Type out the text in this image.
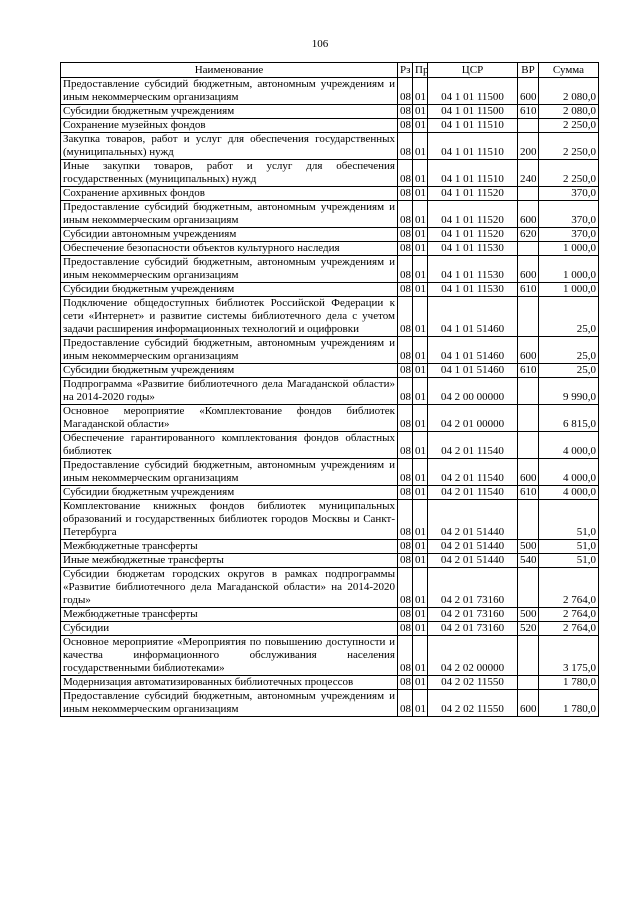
106
Наименование	Рз	Пр	ЦСР	ВР	Сумма
Предоставление субсидий бюджетным, автономным учреждениям и иным некоммерческим организациям	08	01	04 1 01 11500	600	2 080,0
Субсидии бюджетным учреждениям	08	01	04 1 01 11500	610	2 080,0
Сохранение музейных фондов	08	01	04 1 01 11510		2 250,0
Закупка товаров, работ и услуг для обеспечения государственных (муниципальных) нужд	08	01	04 1 01 11510	200	2 250,0
Иные закупки товаров, работ и услуг для обеспечения государственных (муниципальных) нужд	08	01	04 1 01 11510	240	2 250,0
Сохранение архивных фондов	08	01	04 1 01 11520		370,0
Предоставление субсидий бюджетным, автономным учреждениям и иным некоммерческим организациям	08	01	04 1 01 11520	600	370,0
Субсидии автономным учреждениям	08	01	04 1 01 11520	620	370,0
Обеспечение безопасности объектов культурного наследия	08	01	04 1 01 11530		1 000,0
Предоставление субсидий бюджетным, автономным учреждениям и иным некоммерческим организациям	08	01	04 1 01 11530	600	1 000,0
Субсидии бюджетным учреждениям	08	01	04 1 01 11530	610	1 000,0
Подключение общедоступных библиотек Российской Федерации к сети «Интернет» и развитие системы библиотечного дела с учетом задачи расширения информационных технологий и оцифровки	08	01	04 1 01 51460		25,0
Предоставление субсидий бюджетным, автономным учреждениям и иным некоммерческим организациям	08	01	04 1 01 51460	600	25,0
Субсидии бюджетным учреждениям	08	01	04 1 01 51460	610	25,0
Подпрограмма «Развитие библиотечного дела Магаданской области» на 2014-2020 годы»	08	01	04 2 00 00000		9 990,0
Основное мероприятие «Комплектование фондов библиотек Магаданской области»	08	01	04 2 01 00000		6 815,0
Обеспечение гарантированного комплектования фондов областных библиотек	08	01	04 2 01 11540		4 000,0
Предоставление субсидий бюджетным, автономным учреждениям и иным некоммерческим организациям	08	01	04 2 01 11540	600	4 000,0
Субсидии бюджетным учреждениям	08	01	04 2 01 11540	610	4 000,0
Комплектование книжных фондов библиотек муниципальных образований и государственных библиотек городов Москвы и Санкт-Петербурга	08	01	04 2 01 51440		51,0
Межбюджетные трансферты	08	01	04 2 01 51440	500	51,0
Иные межбюджетные трансферты	08	01	04 2 01 51440	540	51,0
Субсидии бюджетам городских округов в рамках подпрограммы «Развитие библиотечного дела Магаданской области» на 2014-2020 годы»	08	01	04 2 01 73160		2 764,0
Межбюджетные трансферты	08	01	04 2 01 73160	500	2 764,0
Субсидии	08	01	04 2 01 73160	520	2 764,0
Основное мероприятие «Мероприятия по повышению доступности и качества информационного обслуживания населения государственными библиотеками»	08	01	04 2 02 00000		3 175,0
Модернизация автоматизированных библиотечных процессов	08	01	04 2 02 11550		1 780,0
Предоставление субсидий бюджетным, автономным учреждениям и иным некоммерческим организациям	08	01	04 2 02 11550	600	1 780,0
